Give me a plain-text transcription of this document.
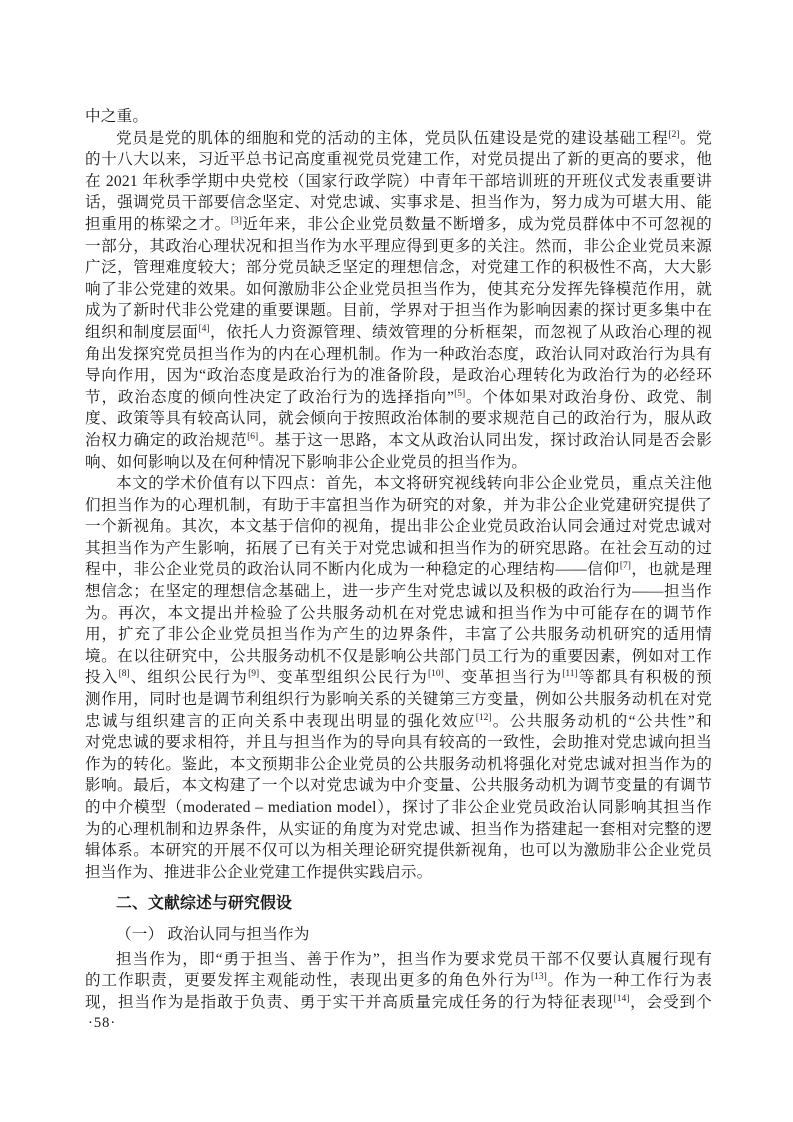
中之重。
党员是党的肌体的细胞和党的活动的主体，党员队伍建设是党的建设基础工程[2]。党
的十八大以来，习近平总书记高度重视党员党建工作，对党员提出了新的更高的要求，他
在 2021 年秋季学期中央党校（国家行政学院）中青年干部培训班的开班仪式发表重要讲
话，强调党员干部要信念坚定、对党忠诚、实事求是、担当作为，努力成为可堪大用、能
担重用的栋梁之才。[3]近年来，非公企业党员数量不断增多，成为党员群体中不可忽视的
一部分，其政治心理状况和担当作为水平理应得到更多的关注。然而，非公企业党员来源
广泛，管理难度较大；部分党员缺乏坚定的理想信念，对党建工作的积极性不高，大大影
响了非公党建的效果。如何激励非公企业党员担当作为，使其充分发挥先锋模范作用，就
成为了新时代非公党建的重要课题。目前，学界对于担当作为影响因素的探讨更多集中在
组织和制度层面[4]，依托人力资源管理、绩效管理的分析框架，而忽视了从政治心理的视
角出发探究党员担当作为的内在心理机制。作为一种政治态度，政治认同对政治行为具有
导向作用，因为“政治态度是政治行为的准备阶段，是政治心理转化为政治行为的必经环
节，政治态度的倾向性决定了政治行为的选择指向”[5]。个体如果对政治身份、政党、制
度、政策等具有较高认同，就会倾向于按照政治体制的要求规范自己的政治行为，服从政
治权力确定的政治规范[6]。基于这一思路，本文从政治认同出发，探讨政治认同是否会影
响、如何影响以及在何种情况下影响非公企业党员的担当作为。
本文的学术价值有以下四点：首先，本文将研究视线转向非公企业党员，重点关注他
们担当作为的心理机制，有助于丰富担当作为研究的对象，并为非公企业党建研究提供了
一个新视角。其次，本文基于信仰的视角，提出非公企业党员政治认同会通过对党忠诚对
其担当作为产生影响，拓展了已有关于对党忠诚和担当作为的研究思路。在社会互动的过
程中，非公企业党员的政治认同不断内化成为一种稳定的心理结构——信仰[7]，也就是理
想信念；在坚定的理想信念基础上，进一步产生对党忠诚以及积极的政治行为——担当作
为。再次，本文提出并检验了公共服务动机在对党忠诚和担当作为中可能存在的调节作
用，扩充了非公企业党员担当作为产生的边界条件，丰富了公共服务动机研究的适用情
境。在以往研究中，公共服务动机不仅是影响公共部门员工行为的重要因素，例如对工作
投入[8]、组织公民行为[9]、变革型组织公民行为[10]、变革担当行为[11]等都具有积极的预
测作用，同时也是调节利组织行为影响关系的关键第三方变量，例如公共服务动机在对党
忠诚与组织建言的正向关系中表现出明显的强化效应[12]。公共服务动机的“公共性”和
对党忠诚的要求相符，并且与担当作为的导向具有较高的一致性，会助推对党忠诚向担当
作为的转化。鉴此，本文预期非公企业党员的公共服务动机将强化对党忠诚对担当作为的
影响。最后，本文构建了一个以对党忠诚为中介变量、公共服务动机为调节变量的有调节
的中介模型（moderated – mediation model），探讨了非公企业党员政治认同影响其担当作
为的心理机制和边界条件，从实证的角度为对党忠诚、担当作为搭建起一套相对完整的逻
辑体系。本研究的开展不仅可以为相关理论研究提供新视角，也可以为激励非公企业党员
担当作为、推进非公企业党建工作提供实践启示。
二、文献综述与研究假设
（一） 政治认同与担当作为
担当作为，即“勇于担当、善于作为”，担当作为要求党员干部不仅要认真履行现有
的工作职责，更要发挥主观能动性，表现出更多的角色外行为[13]。作为一种工作行为表
现，担当作为是指敢于负责、勇于实干并高质量完成任务的行为特征表现[14]，会受到个
·58·
